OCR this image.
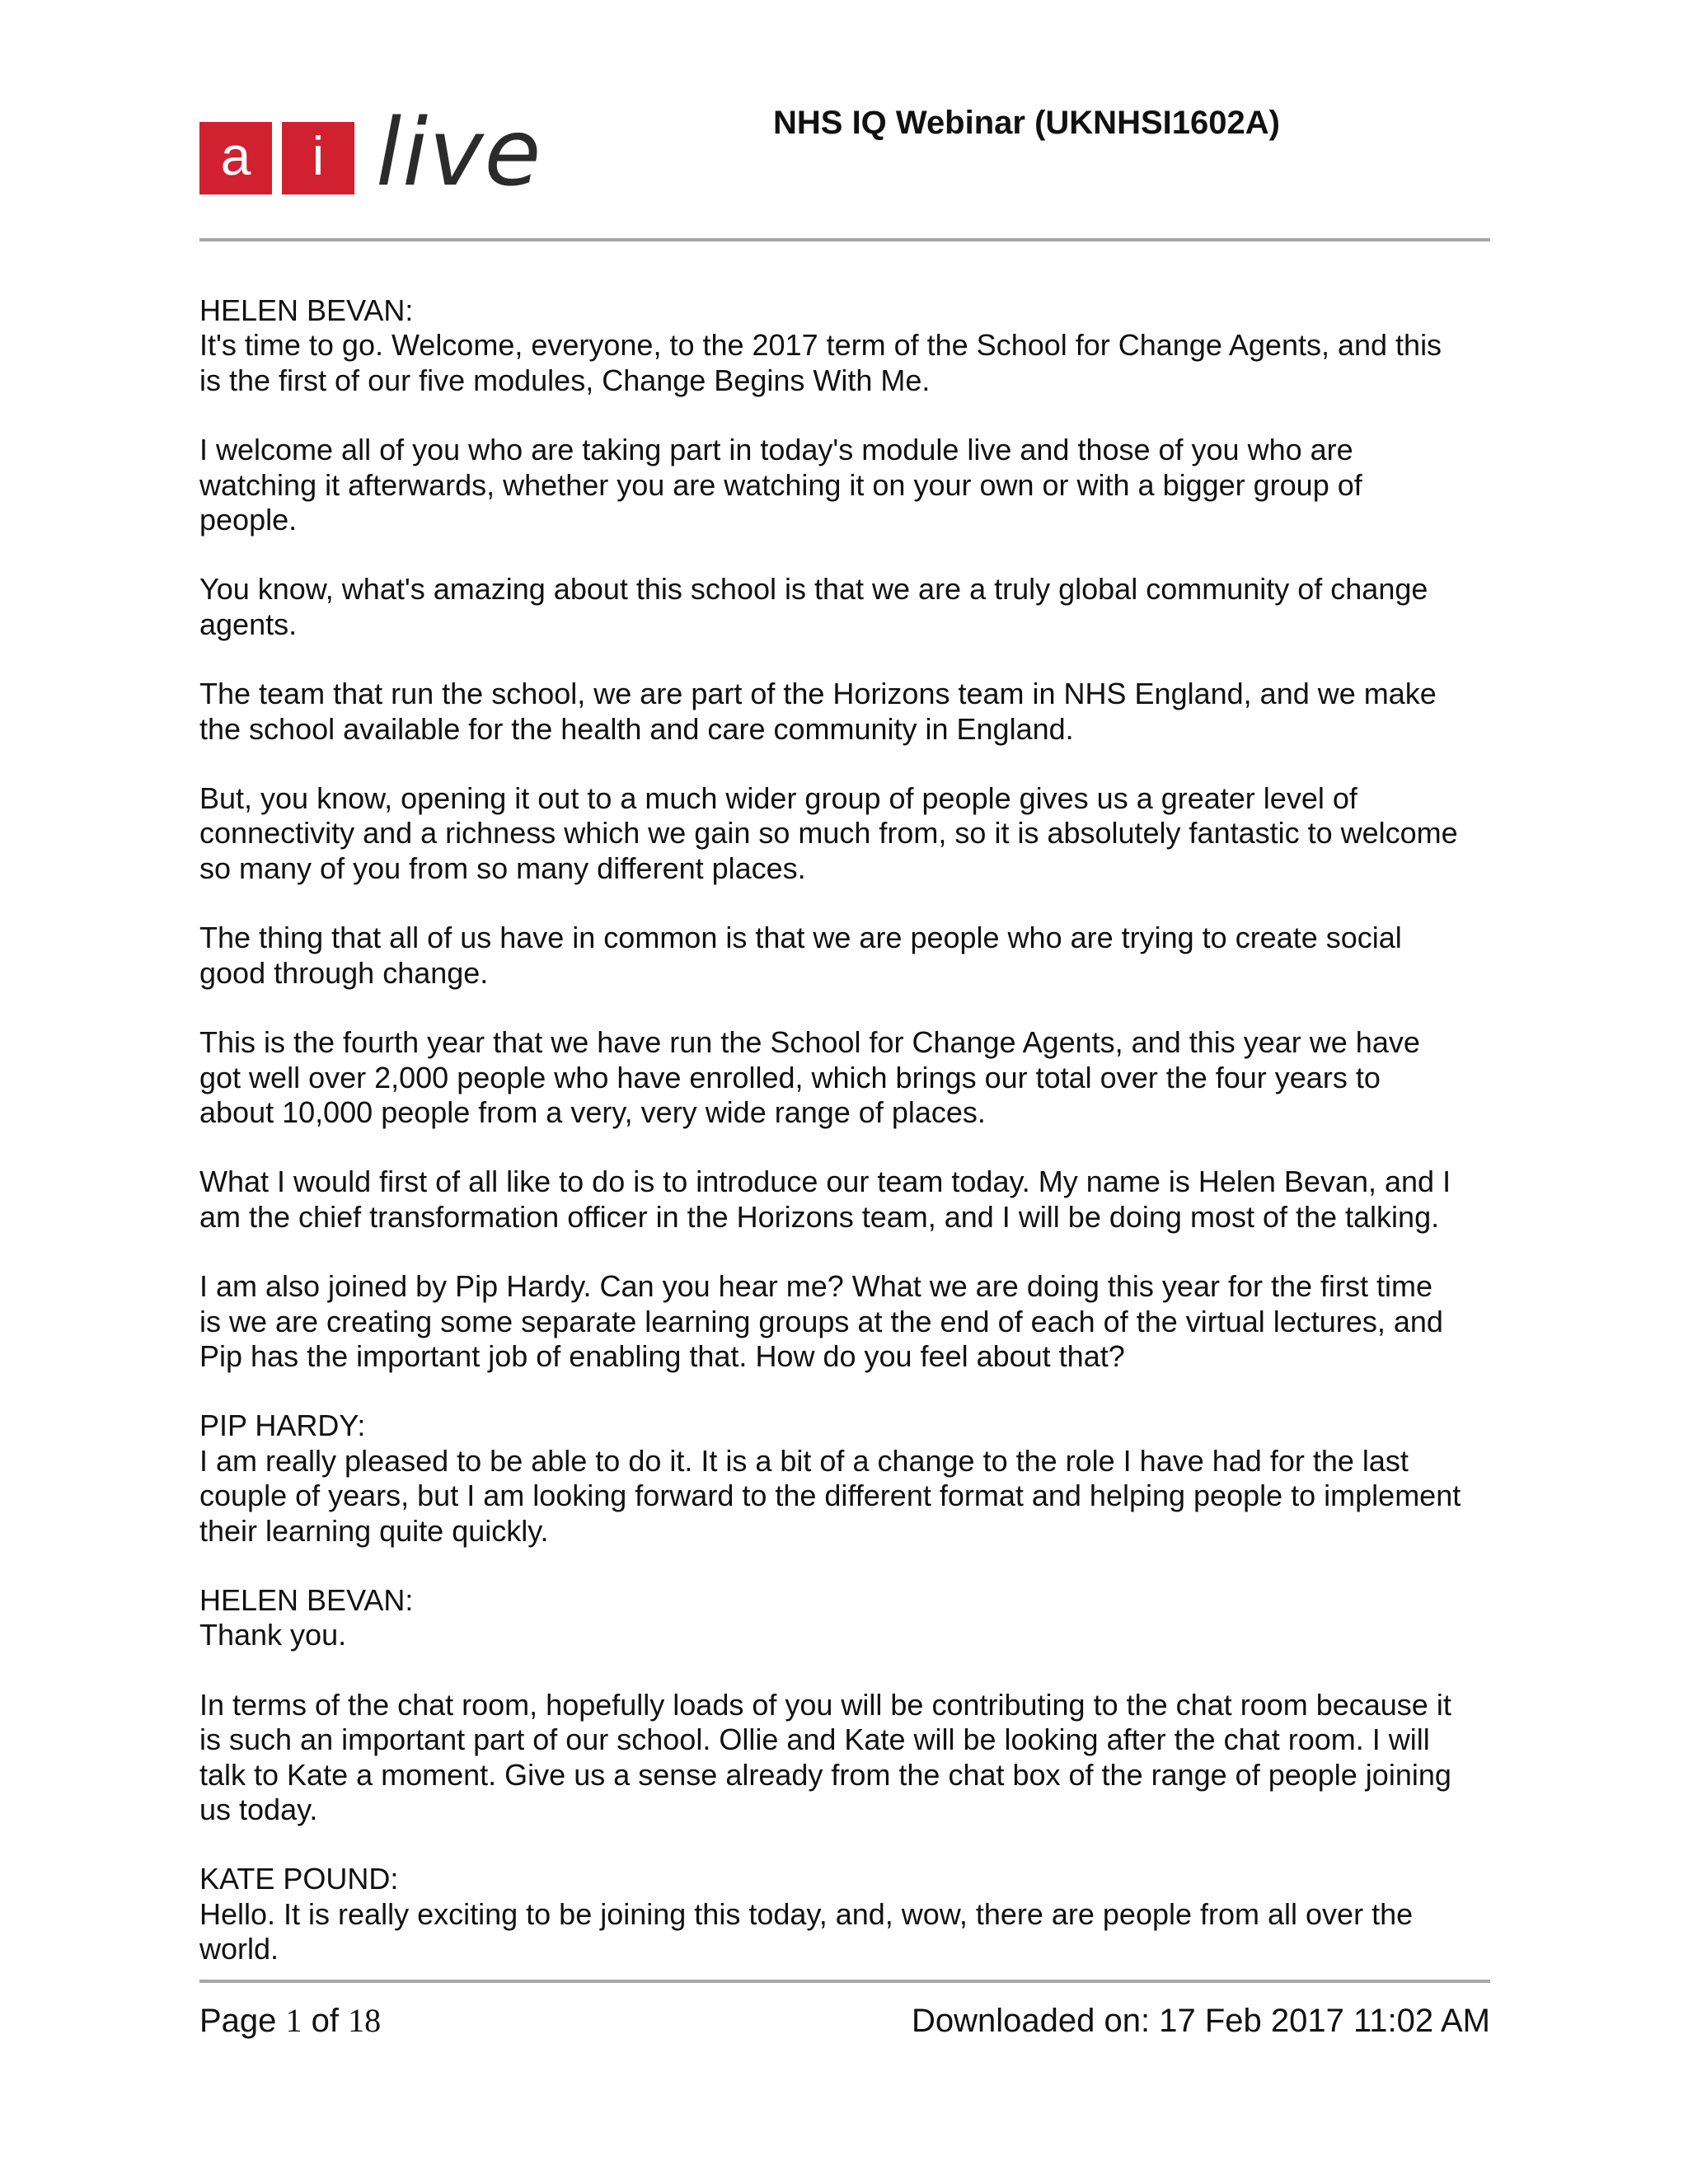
a	i live	NHS IQ Webinar (UKNHSI1602A)

HELEN BEVAN:

It's time to go. Welcome, everyone, to the 2017 term of the School for Change Agents, and this
is the first of our five modules, Change Begins With Me.

I welcome all of you who are taking part in today's module live and those of you who are
watching it afterwards, whether you are watching it on your own or with a bigger group of
people.

You know, what's amazing about this school is that we are a truly global community of change
agents.

The team that run the school, we are part of the Horizons team in NHS England, and we make
the school available for the health and care community in England.

But, you know, opening it out to a much wider group of people gives us a greater level of
connectivity and a richness which we gain so much from, so it is absolutely fantastic to welcome
so many of you from so many different places.

The thing that all of us have in common is that we are people who are trying to create social
good through change.

This is the fourth year that we have run the School for Change Agents, and this year we have
got well over 2,000 people who have enrolled, which brings our total over the four years to
about 10,000 people from a very, very wide range of places.

What I would first of all like to do is to introduce our team today. My name is Helen Bevan, and I
am the chief transformation officer in the Horizons team, and I will be doing most of the talking.

I am also joined by Pip Hardy. Can you hear me? What we are doing this year for the first time
is we are creating some separate learning groups at the end of each of the virtual lectures, and
Pip has the important job of enabling that. How do you feel about that?

PIP HARDY:

I am really pleased to be able to do it. It is a bit of a change to the role I have had for the last
couple of years, but I am looking forward to the different format and helping people to implement
their learning quite quickly.

HELEN BEVAN:

Thank you.

In terms of the chat room, hopefully loads of you will be contributing to the chat room because it
is such an important part of our school. Ollie and Kate will be looking after the chat room. I will
talk to Kate a moment. Give us a sense already from the chat box of the range of people joining
us today.

KATE POUND:

Hello. It is really exciting to be joining this today, and, wow, there are people from all over the
world.

Page 1 of 18	Downloaded on: 17 Feb 2017 11:02 AM
